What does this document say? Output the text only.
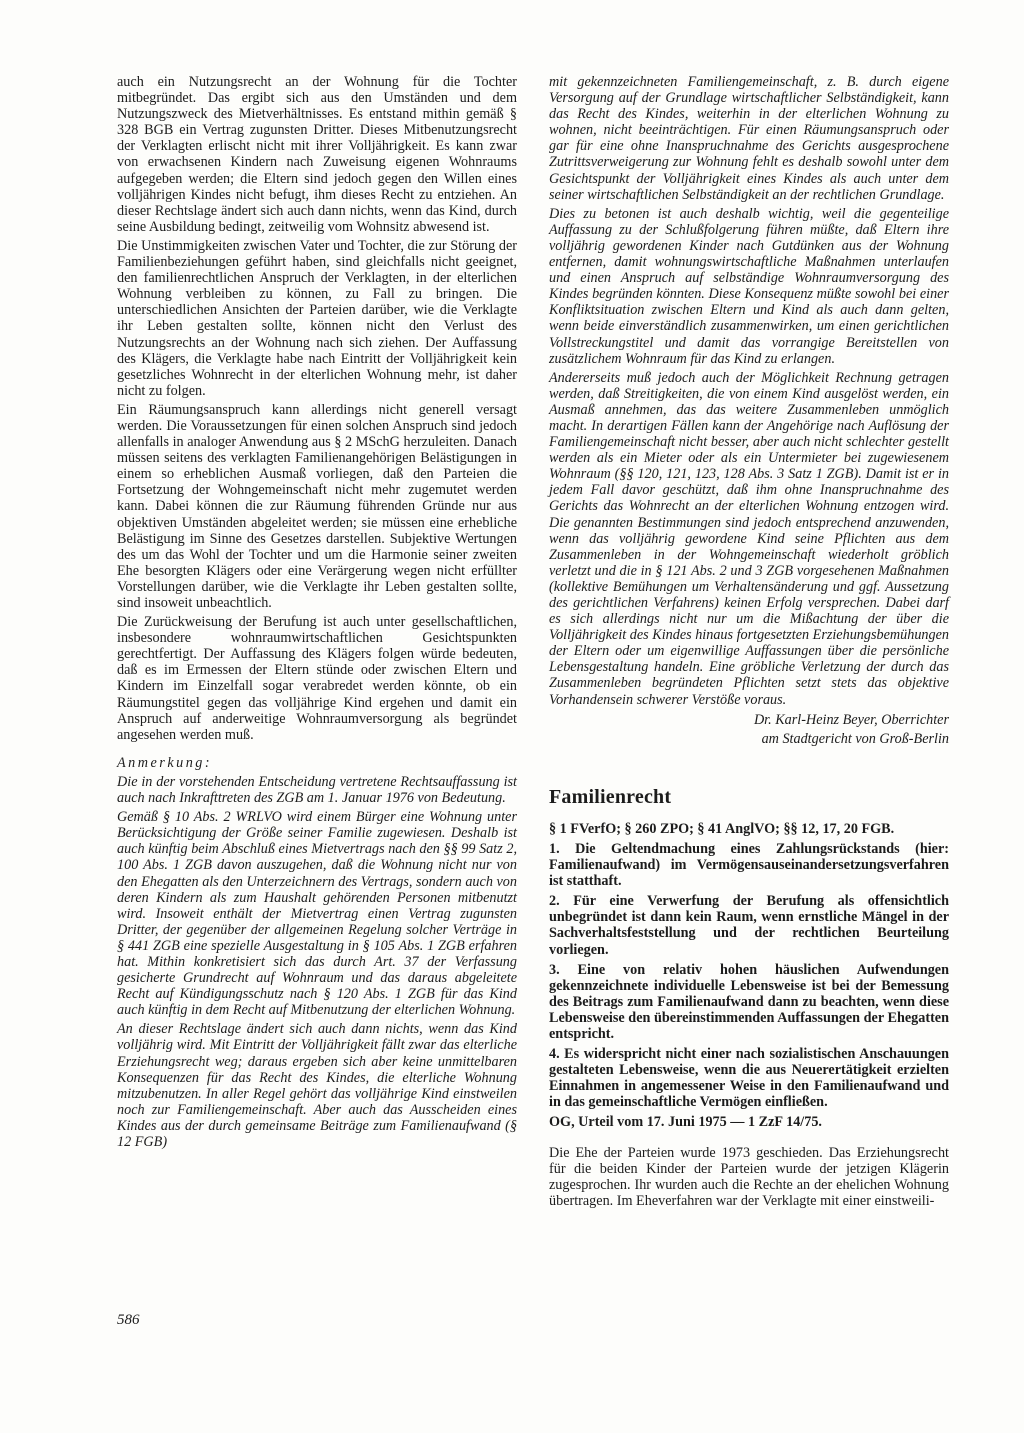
auch ein Nutzungsrecht an der Wohnung für die Tochter mitbegründet. Das ergibt sich aus den Umständen und dem Nutzungszweck des Mietverhältnisses. Es entstand mithin gemäß § 328 BGB ein Vertrag zugunsten Dritter. Dieses Mitbenutzungsrecht der Verklagten erlischt nicht mit ihrer Volljährigkeit. Es kann zwar von erwachsenen Kindern nach Zuweisung eigenen Wohnraums aufgegeben werden; die Eltern sind jedoch gegen den Willen eines volljährigen Kindes nicht befugt, ihm dieses Recht zu entziehen. An dieser Rechtslage ändert sich auch dann nichts, wenn das Kind, durch seine Ausbildung bedingt, zeitweilig vom Wohnsitz abwesend ist.

Die Unstimmigkeiten zwischen Vater und Tochter, die zur Störung der Familienbeziehungen geführt haben, sind gleichfalls nicht geeignet, den familienrechtlichen Anspruch der Verklagten, in der elterlichen Wohnung verbleiben zu können, zu Fall zu bringen. Die unterschiedlichen Ansichten der Parteien darüber, wie die Verklagte ihr Leben gestalten sollte, können nicht den Verlust des Nutzungsrechts an der Wohnung nach sich ziehen. Der Auffassung des Klägers, die Verklagte habe nach Eintritt der Volljährigkeit kein gesetzliches Wohnrecht in der elterlichen Wohnung mehr, ist daher nicht zu folgen.

Ein Räumungsanspruch kann allerdings nicht generell versagt werden. Die Voraussetzungen für einen solchen Anspruch sind jedoch allenfalls in analoger Anwendung aus § 2 MSchG herzuleiten. Danach müssen seitens des verklagten Familienangehörigen Belästigungen in einem so erheblichen Ausmaß vorliegen, daß den Parteien die Fortsetzung der Wohngemeinschaft nicht mehr zugemutet werden kann. Dabei können die zur Räumung führenden Gründe nur aus objektiven Umständen abgeleitet werden; sie müssen eine erhebliche Belästigung im Sinne des Gesetzes darstellen. Subjektive Wertungen des um das Wohl der Tochter und um die Harmonie seiner zweiten Ehe besorgten Klägers oder eine Verärgerung wegen nicht erfüllter Vorstellungen darüber, wie die Verklagte ihr Leben gestalten sollte, sind insoweit unbeachtlich.

Die Zurückweisung der Berufung ist auch unter gesellschaftlichen, insbesondere wohnraumwirtschaftlichen Gesichtspunkten gerechtfertigt. Der Auffassung des Klägers folgen würde bedeuten, daß es im Ermessen der Eltern stünde oder zwischen Eltern und Kindern im Einzelfall sogar verabredet werden könnte, ob ein Räumungstitel gegen das volljährige Kind ergehen und damit ein Anspruch auf anderweitige Wohnraumversorgung als begründet angesehen werden muß.

Anmerkung:

Die in der vorstehenden Entscheidung vertretene Rechtsauffassung ist auch nach Inkrafttreten des ZGB am 1. Januar 1976 von Bedeutung.

Gemäß § 10 Abs. 2 WRLVO wird einem Bürger eine Wohnung unter Berücksichtigung der Größe seiner Familie zugewiesen. Deshalb ist auch künftig beim Abschluß eines Mietvertrags nach den §§ 99 Satz 2, 100 Abs. 1 ZGB davon auszugehen, daß die Wohnung nicht nur von den Ehegatten als den Unterzeichnern des Vertrags, sondern auch von deren Kindern als zum Haushalt gehörenden Personen mitbenutzt wird. Insoweit enthält der Mietvertrag einen Vertrag zugunsten Dritter, der gegenüber der allgemeinen Regelung solcher Verträge in § 441 ZGB eine spezielle Ausgestaltung in § 105 Abs. 1 ZGB erfahren hat. Mithin konkretisiert sich das durch Art. 37 der Verfassung gesicherte Grundrecht auf Wohnraum und das daraus abgeleitete Recht auf Kündigungsschutz nach § 120 Abs. 1 ZGB für das Kind auch künftig in dem Recht auf Mitbenutzung der elterlichen Wohnung.

An dieser Rechtslage ändert sich auch dann nichts, wenn das Kind volljährig wird. Mit Eintritt der Volljährigkeit fällt zwar das elterliche Erziehungsrecht weg; daraus ergeben sich aber keine unmittelbaren Konsequenzen für das Recht des Kindes, die elterliche Wohnung mitzubenutzen. In aller Regel gehört das volljährige Kind einstweilen noch zur Familiengemeinschaft. Aber auch das Ausscheiden eines Kindes aus der durch gemeinsame Beiträge zum Familienaufwand (§ 12 FGB)

mit gekennzeichneten Familiengemeinschaft, z. B. durch eigene Versorgung auf der Grundlage wirtschaftlicher Selbständigkeit, kann das Recht des Kindes, weiterhin in der elterlichen Wohnung zu wohnen, nicht beeinträchtigen. Für einen Räumungsanspruch oder gar für eine ohne Inanspruchnahme des Gerichts ausgesprochene Zutrittsverweigerung zur Wohnung fehlt es deshalb sowohl unter dem Gesichtspunkt der Volljährigkeit eines Kindes als auch unter dem seiner wirtschaftlichen Selbständigkeit an der rechtlichen Grundlage.

Dies zu betonen ist auch deshalb wichtig, weil die gegenteilige Auffassung zu der Schlußfolgerung führen müßte, daß Eltern ihre volljährig gewordenen Kinder nach Gutdünken aus der Wohnung entfernen, damit wohnungswirtschaftliche Maßnahmen unterlaufen und einen Anspruch auf selbständige Wohnraumversorgung des Kindes begründen könnten. Diese Konsequenz müßte sowohl bei einer Konfliktsituation zwischen Eltern und Kind als auch dann gelten, wenn beide einverständlich zusammenwirken, um einen gerichtlichen Vollstreckungstitel und damit das vorrangige Bereitstellen von zusätzlichem Wohnraum für das Kind zu erlangen.

Andererseits muß jedoch auch der Möglichkeit Rechnung getragen werden, daß Streitigkeiten, die von einem Kind ausgelöst werden, ein Ausmaß annehmen, das das weitere Zusammenleben unmöglich macht. In derartigen Fällen kann der Angehörige nach Auflösung der Familiengemeinschaft nicht besser, aber auch nicht schlechter gestellt werden als ein Mieter oder als ein Untermieter bei zugewiesenem Wohnraum (§§ 120, 121, 123, 128 Abs. 3 Satz 1 ZGB). Damit ist er in jedem Fall davor geschützt, daß ihm ohne Inanspruchnahme des Gerichts das Wohnrecht an der elterlichen Wohnung entzogen wird. Die genannten Bestimmungen sind jedoch entsprechend anzuwenden, wenn das volljährig gewordene Kind seine Pflichten aus dem Zusammenleben in der Wohngemeinschaft wiederholt gröblich verletzt und die in § 121 Abs. 2 und 3 ZGB vorgesehenen Maßnahmen (kollektive Bemühungen um Verhaltensänderung und ggf. Aussetzung des gerichtlichen Verfahrens) keinen Erfolg versprechen. Dabei darf es sich allerdings nicht nur um die Mißachtung der über die Volljährigkeit des Kindes hinaus fortgesetzten Erziehungsbemühungen der Eltern oder um eigenwillige Auffassungen über die persönliche Lebensgestaltung handeln. Eine gröbliche Verletzung der durch das Zusammenleben begründeten Pflichten setzt stets das objektive Vorhandensein schwerer Verstöße voraus.

Dr. Karl-Heinz Beyer, Oberrichter

am Stadtgericht von Groß-Berlin

Familienrecht

§ 1 FVerfO; § 260 ZPO; § 41 AnglVO; §§ 12, 17, 20 FGB.

1. Die Geltendmachung eines Zahlungsrückstands (hier: Familienaufwand) im Vermögensauseinandersetzungsverfahren ist statthaft.

2. Für eine Verwerfung der Berufung als offensichtlich unbegründet ist dann kein Raum, wenn ernstliche Mängel in der Sachverhaltsfeststellung und der rechtlichen Beurteilung vorliegen.

3. Eine von relativ hohen häuslichen Aufwendungen gekennzeichnete individuelle Lebensweise ist bei der Bemessung des Beitrags zum Familienaufwand dann zu beachten, wenn diese Lebensweise den übereinstimmenden Auffassungen der Ehegatten entspricht.

4. Es widerspricht nicht einer nach sozialistischen Anschauungen gestalteten Lebensweise, wenn die aus Neuerertätigkeit erzielten Einnahmen in angemessener Weise in den Familienaufwand und in das gemeinschaftliche Vermögen einfließen.

OG, Urteil vom 17. Juni 1975 — 1 ZzF 14/75.

Die Ehe der Parteien wurde 1973 geschieden. Das Erziehungsrecht für die beiden Kinder der Parteien wurde der jetzigen Klägerin zugesprochen. Ihr wurden auch die Rechte an der ehelichen Wohnung übertragen. Im Eheverfahren war der Verklagte mit einer einstweili-

586
